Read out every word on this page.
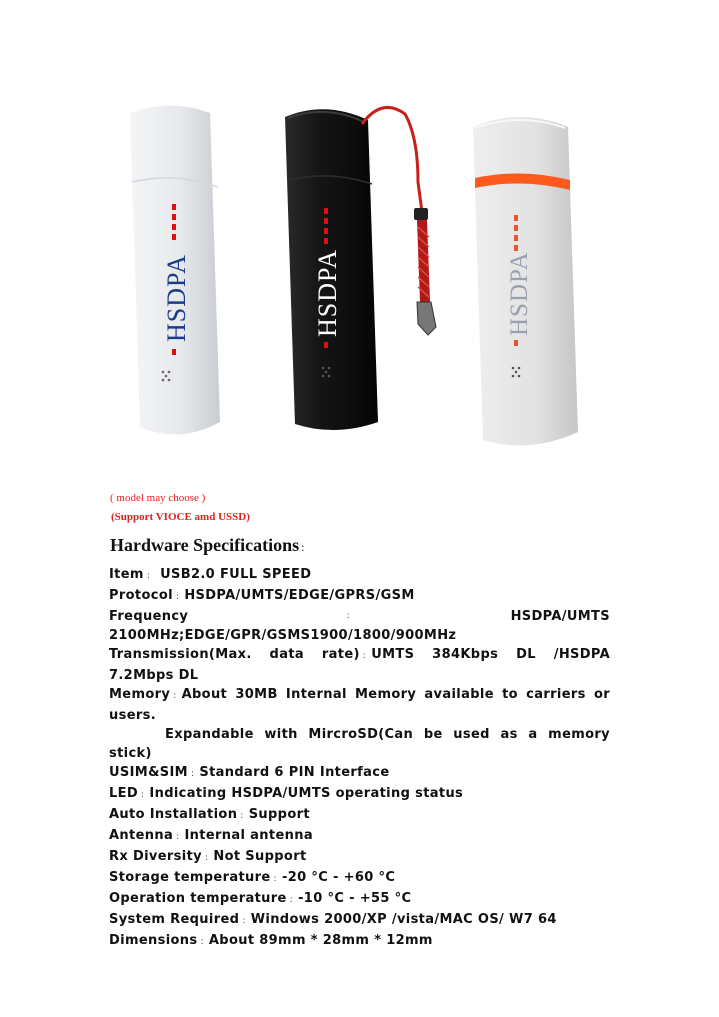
HSDPA	HSDPA	HSDPA
( model may choose )
(Support VIOCE amd USSD)
Hardware Specifications :

Item : USB2.0 FULL SPEED

Protocol : HSDPA/UMTS/EDGE/GPRS/GSM

Frequency	:	HSDPA/UMTS

2100MHz;EDGE/GPR/GSMS1900/1800/900MHz

Transmission(Max. data rate) : UMTS 384Kbps DL /HSDPA 7.2Mbps DL

Memory : About 30MB Internal Memory available to carriers or users.

Expandable with MircroSD(Can be used as a memory stick)

USIM&SIM : Standard 6 PIN Interface

LED : Indicating HSDPA/UMTS operating status

Auto Installation : Support

Antenna : Internal antenna

Rx Diversity : Not Support

Storage temperature : -20 °C - +60 °C

Operation temperature : -10 °C - +55 °C

System Required : Windows 2000/XP /vista/MAC OS/ W7 64

Dimensions : About 89mm * 28mm * 12mm
